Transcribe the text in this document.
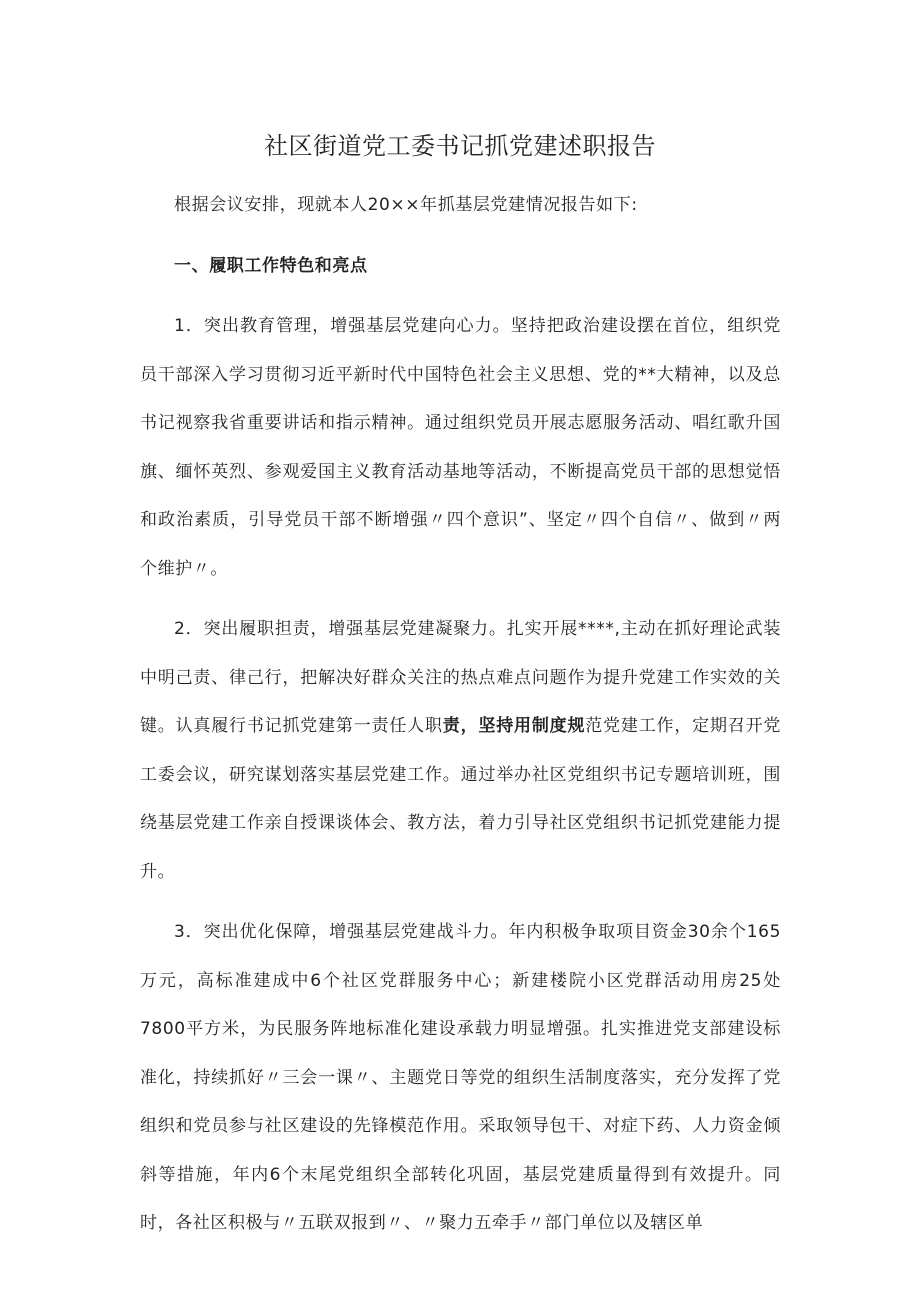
社区街道党工委书记抓党建述职报告

根据会议安排，现就本人20××年抓基层党建情况报告如下:

一、履职工作特色和亮点

1．突出教育管理，增强基层党建向心力。坚持把政治建设摆在首位，组织党员干部深入学习贯彻习近平新时代中国特色社会主义思想、党的**大精神，以及总书记视察我省重要讲话和指示精神。通过组织党员开展志愿服务活动、唱红歌升国旗、缅怀英烈、参观爱国主义教育活动基地等活动，不断提高党员干部的思想觉悟和政治素质，引导党员干部不断增强〃四个意识”、坚定〃四个自信〃、做到〃两个维护〃。

2．突出履职担责，增强基层党建凝聚力。扎实开展****,主动在抓好理论武装中明己责、律己行，把解决好群众关注的热点难点问题作为提升党建工作实效的关键。认真履行书记抓党建第一责任人职责，坚持用制度规范党建工作，定期召开党工委会议，研究谋划落实基层党建工作。通过举办社区党组织书记专题培训班，围绕基层党建工作亲自授课谈体会、教方法，着力引导社区党组织书记抓党建能力提升。

3．突出优化保障，增强基层党建战斗力。年内积极争取项目资金30余个165万元，高标准建成中6个社区党群服务中心；新建楼院小区党群活动用房25处7800平方米，为民服务阵地标准化建设承载力明显增强。扎实推进党支部建设标准化，持续抓好〃三会一课〃、主题党日等党的组织生活制度落实，充分发挥了党组织和党员参与社区建设的先锋模范作用。采取领导包干、对症下药、人力资金倾斜等措施，年内6个末尾党组织全部转化巩固，基层党建质量得到有效提升。同时，各社区积极与〃五联双报到〃、〃聚力五牵手〃部门单位以及辖区单
